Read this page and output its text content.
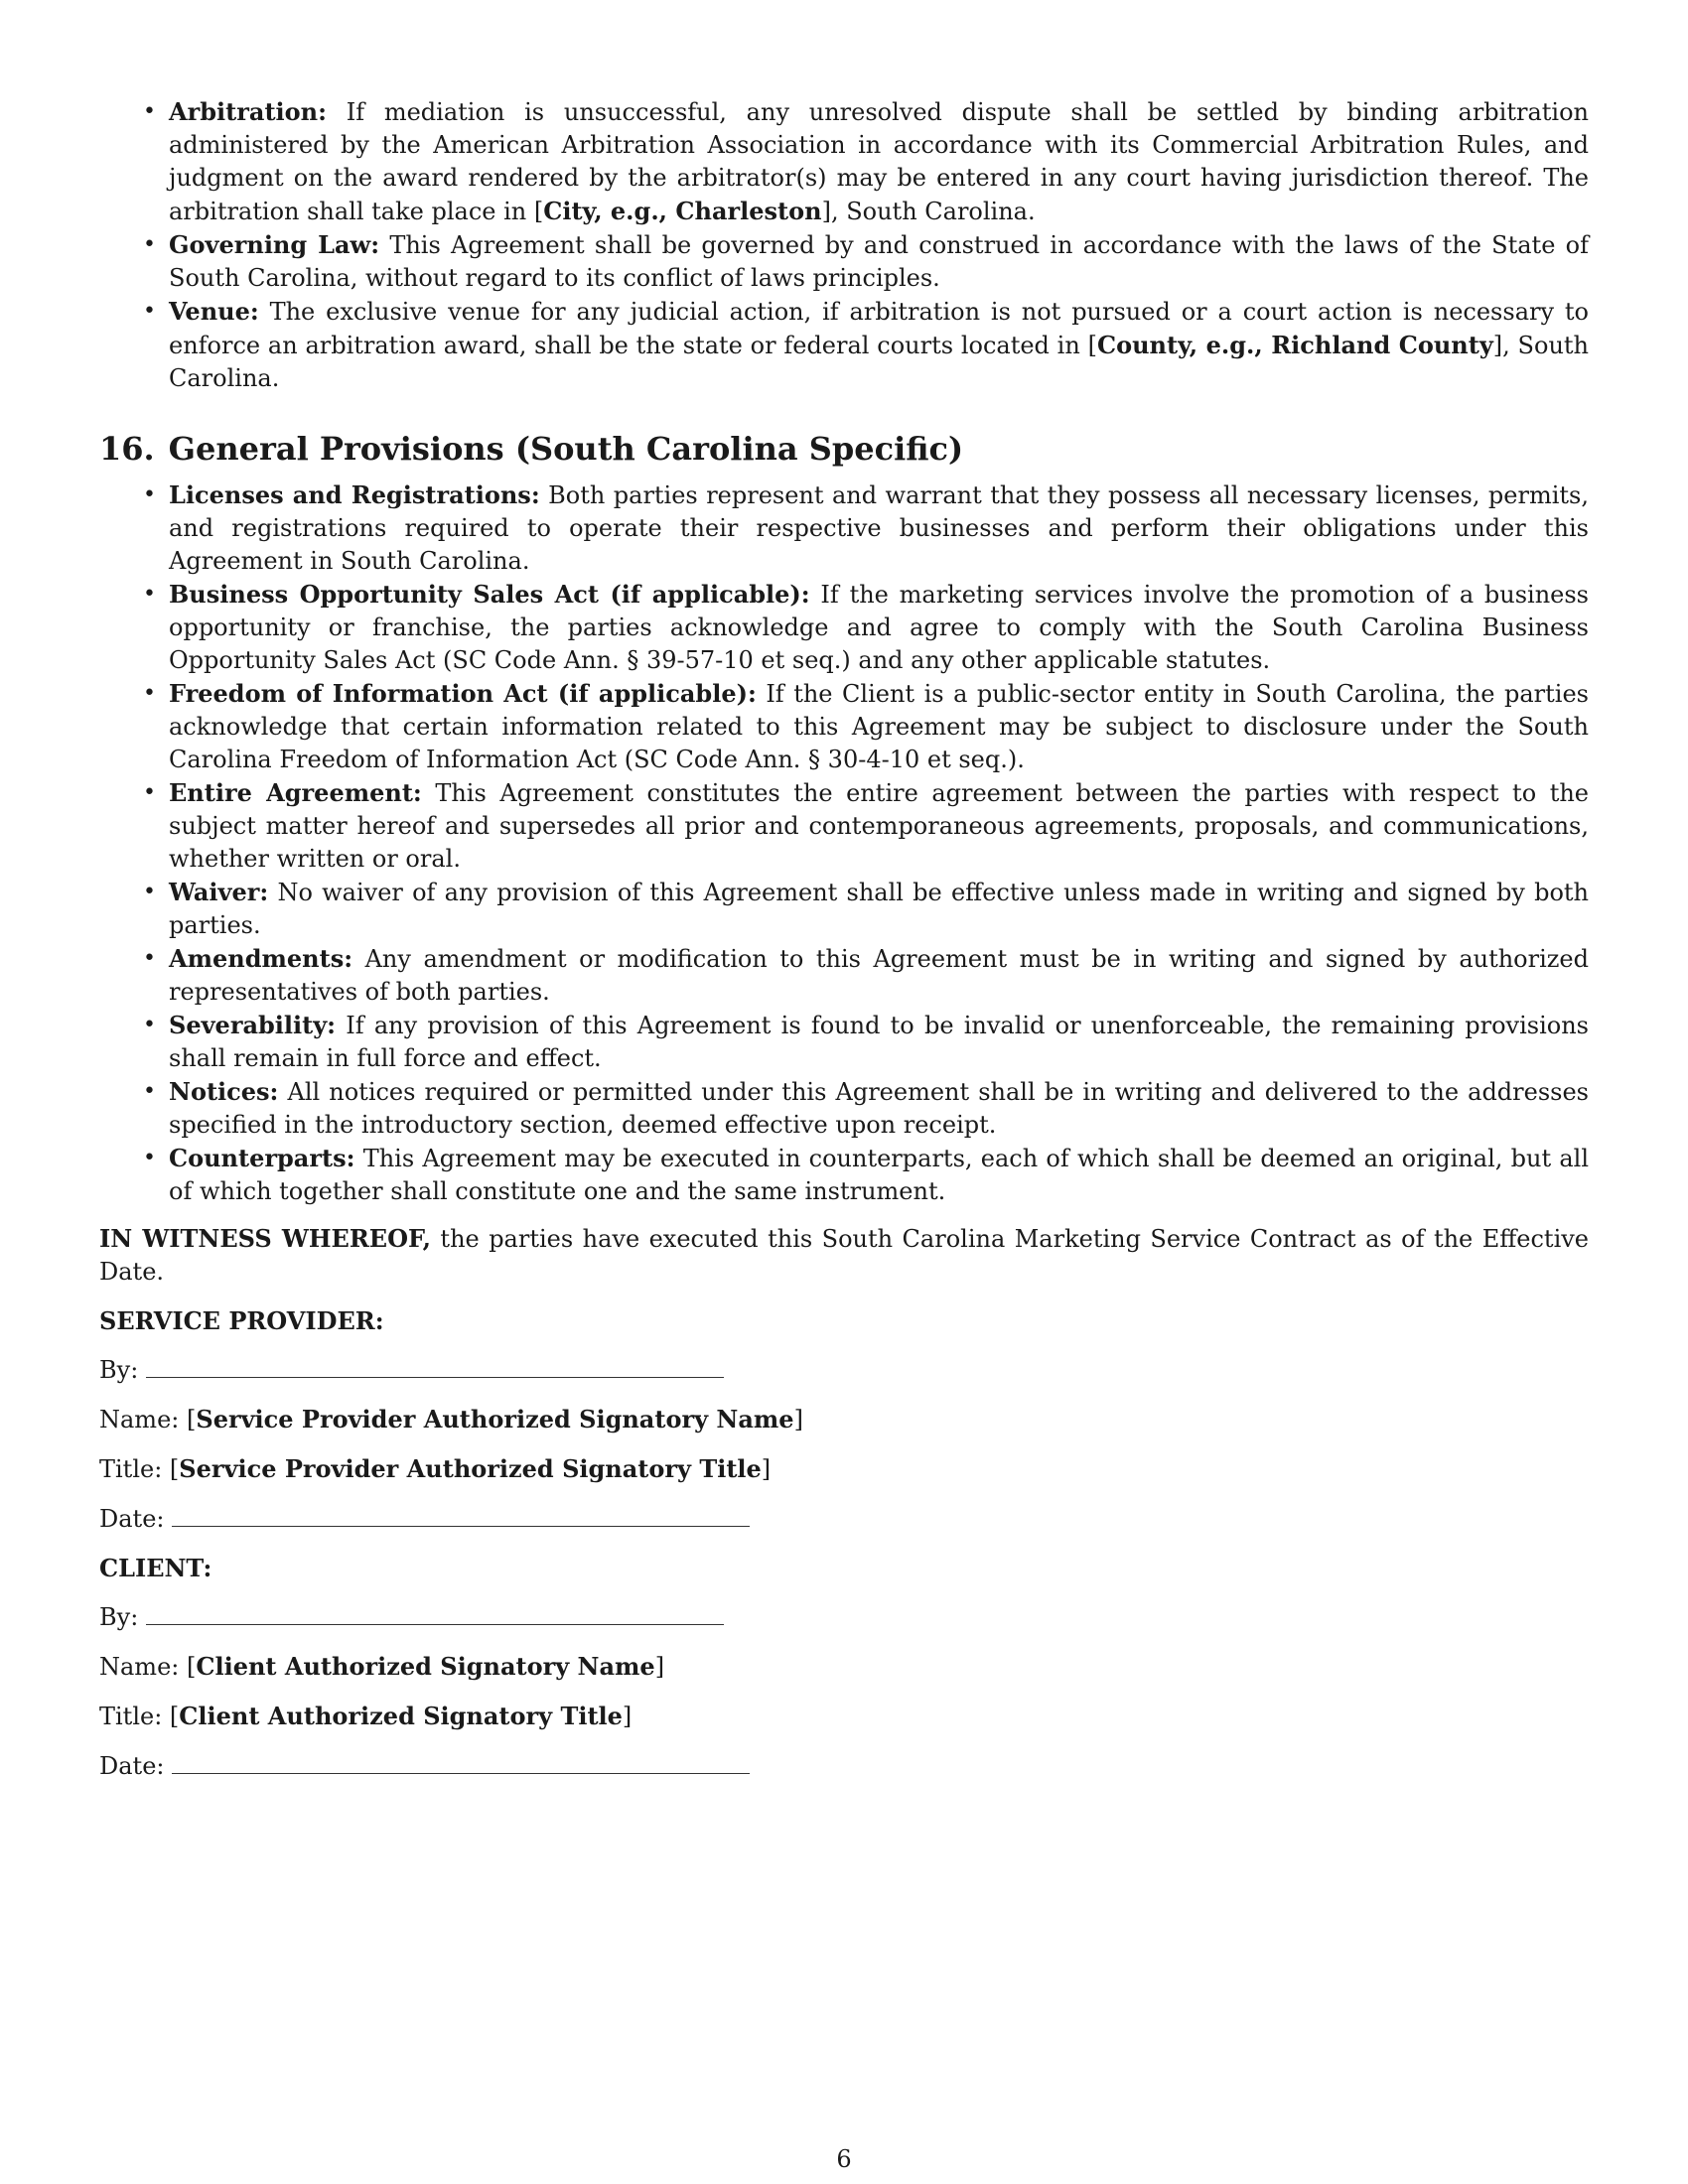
• Arbitration: If mediation is unsuccessful, any unresolved dispute shall be settled by binding arbitration administered by the American Arbitration Association in accordance with its Commercial Arbitration Rules, and judgment on the award rendered by the arbitrator(s) may be entered in any court having jurisdiction thereof. The arbitration shall take place in [City, e.g., Charleston], South Carolina.
• Governing Law: This Agreement shall be governed by and construed in accordance with the laws of the State of South Carolina, without regard to its conflict of laws principles.
• Venue: The exclusive venue for any judicial action, if arbitration is not pursued or a court action is necessary to enforce an arbitration award, shall be the state or federal courts located in [County, e.g., Richland County], South Carolina.
16. General Provisions (South Carolina Specific)
• Licenses and Registrations: Both parties represent and warrant that they possess all necessary licenses, permits, and registrations required to operate their respective businesses and perform their obligations under this Agreement in South Carolina.
• Business Opportunity Sales Act (if applicable): If the marketing services involve the promotion of a business opportunity or franchise, the parties acknowledge and agree to comply with the South Carolina Business Opportunity Sales Act (SC Code Ann. § 39-57-10 et seq.) and any other applicable statutes.
• Freedom of Information Act (if applicable): If the Client is a public-sector entity in South Carolina, the parties acknowledge that certain information related to this Agreement may be subject to disclosure under the South Carolina Freedom of Information Act (SC Code Ann. § 30-4-10 et seq.).
• Entire Agreement: This Agreement constitutes the entire agreement between the parties with respect to the subject matter hereof and supersedes all prior and contemporaneous agreements, proposals, and communications, whether written or oral.
• Waiver: No waiver of any provision of this Agreement shall be effective unless made in writing and signed by both parties.
• Amendments: Any amendment or modification to this Agreement must be in writing and signed by authorized representatives of both parties.
• Severability: If any provision of this Agreement is found to be invalid or unenforceable, the remaining provisions shall remain in full force and effect.
• Notices: All notices required or permitted under this Agreement shall be in writing and delivered to the addresses specified in the introductory section, deemed effective upon receipt.
• Counterparts: This Agreement may be executed in counterparts, each of which shall be deemed an original, but all of which together shall constitute one and the same instrument.

IN WITNESS WHEREOF, the parties have executed this South Carolina Marketing Service Contract as of the Effective Date.

SERVICE PROVIDER:
By:
Name: [Service Provider Authorized Signatory Name]
Title: [Service Provider Authorized Signatory Title]
Date:
CLIENT:
By:
Name: [Client Authorized Signatory Name]
Title: [Client Authorized Signatory Title]
Date:
6
